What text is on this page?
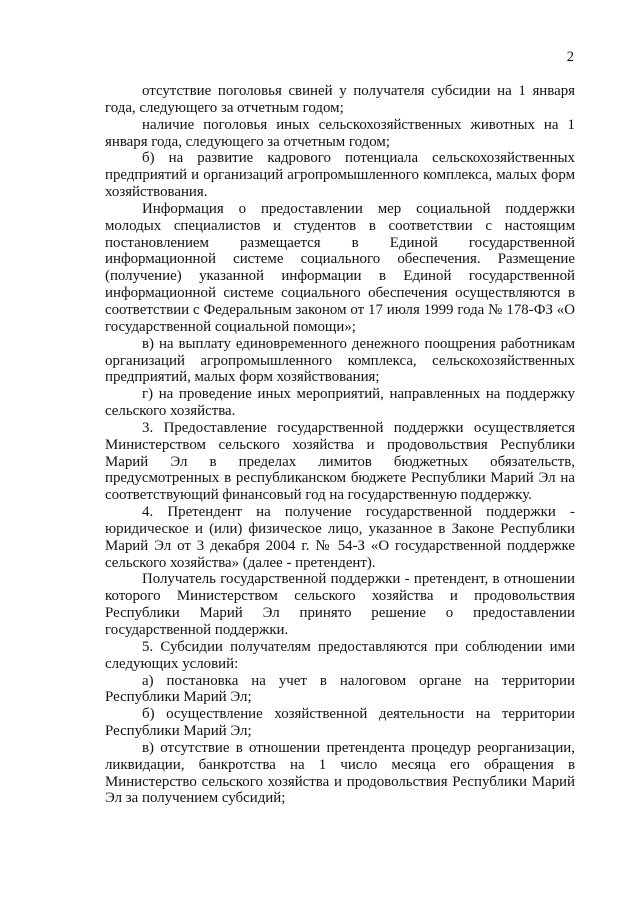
2

отсутствие поголовья свиней у получателя субсидии на 1 января года, следующего за отчетным годом;

наличие поголовья иных сельскохозяйственных животных на 1 января года, следующего за отчетным годом;

б) на развитие кадрового потенциала сельскохозяйственных предприятий и организаций агропромышленного комплекса, малых форм хозяйствования.

Информация о предоставлении мер социальной поддержки молодых специалистов и студентов в соответствии с настоящим постановлением размещается в Единой государственной информационной системе социального обеспечения. Размещение (получение) указанной информации в Единой государственной информационной системе социального обеспечения осуществляются в соответствии с Федеральным законом от 17 июля 1999 года № 178-ФЗ «О государственной социальной помощи»;

в) на выплату единовременного денежного поощрения работникам организаций агропромышленного комплекса, сельскохозяйственных предприятий, малых форм хозяйствования;

г) на проведение иных мероприятий, направленных на поддержку сельского хозяйства.

3. Предоставление государственной поддержки осуществляется Министерством сельского хозяйства и продовольствия Республики Марий Эл в пределах лимитов бюджетных обязательств, предусмотренных в республиканском бюджете Республики Марий Эл на соответствующий финансовый год на государственную поддержку.

4. Претендент на получение государственной поддержки - юридическое и (или) физическое лицо, указанное в Законе Республики Марий Эл от 3 декабря 2004 г. № 54-З «О государственной поддержке сельского хозяйства» (далее - претендент).

Получатель государственной поддержки - претендент, в отношении которого Министерством сельского хозяйства и продовольствия Республики Марий Эл принято решение о предоставлении государственной поддержки.

5. Субсидии получателям предоставляются при соблюдении ими следующих условий:

а) постановка на учет в налоговом органе на территории Республики Марий Эл;

б) осуществление хозяйственной деятельности на территории Республики Марий Эл;

в) отсутствие в отношении претендента процедур реорганизации, ликвидации, банкротства на 1 число месяца его обращения в Министерство сельского хозяйства и продовольствия Республики Марий Эл за получением субсидий;
